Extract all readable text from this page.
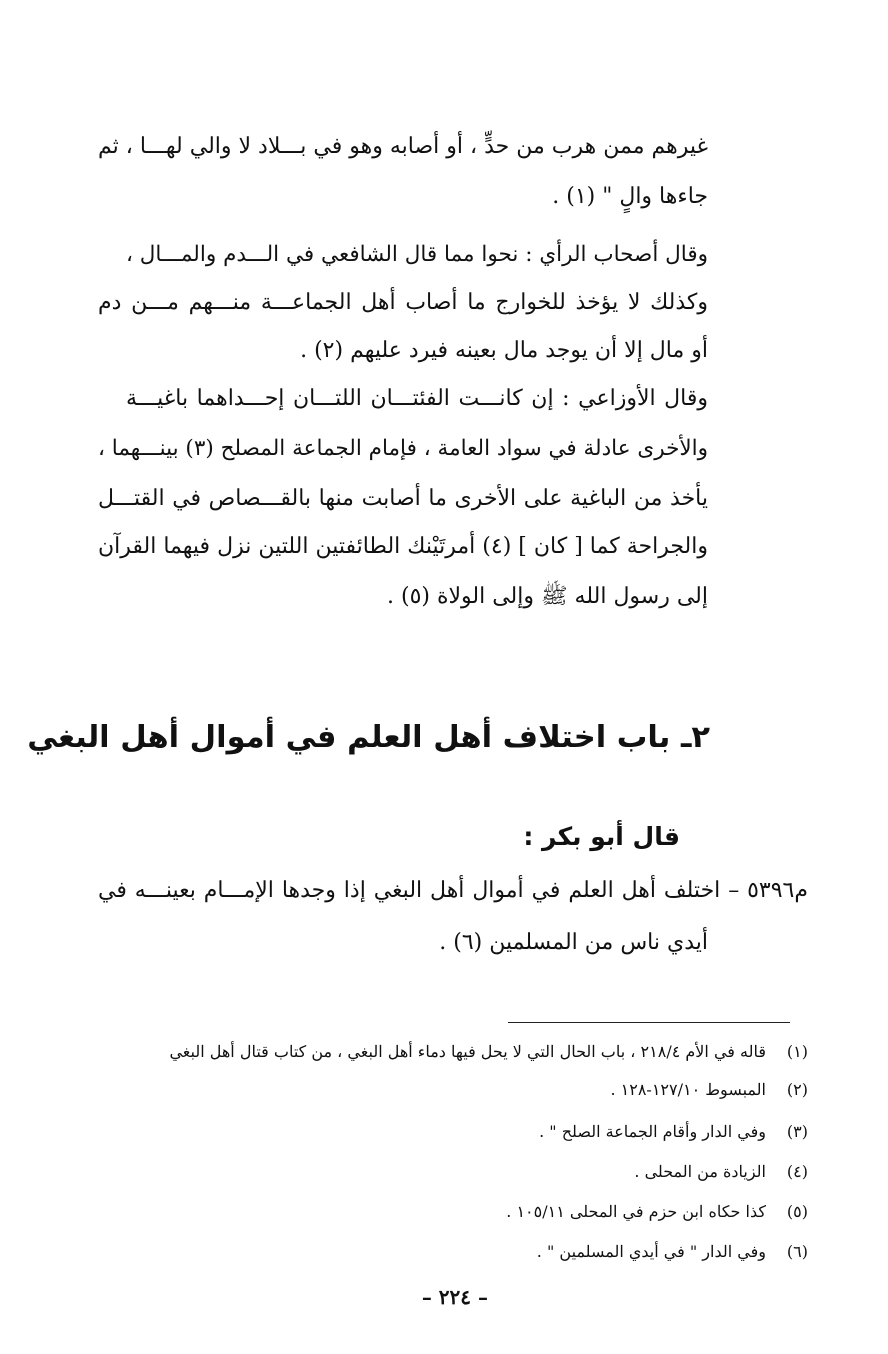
غيرهم ممن هرب من حدٍّ ، أو أصابه وهو في بـــلاد لا والي لهـــا ، ثم
جاءها والٍ " (١) .
وقال أصحاب الرأي : نحوا مما قال الشافعي في الـــدم والمـــال ،
وكذلك لا يؤخذ للخوارج ما أصاب أهل الجماعـــة منـــهم مـــن دم
أو مال إلا أن يوجد مال بعينه فيرد عليهم (٢) .
وقال الأوزاعي : إن كانـــت الفئتـــان اللتـــان إحـــداهما باغيـــة
والأخرى عادلة في سواد العامة ، فإمام الجماعة المصلح (٣) بينـــهما ،
يأخذ من الباغية على الأخرى ما أصابت منها بالقـــصاص في القتـــل
والجراحة كما [ كان ] (٤) أمرتَيْنك الطائفتين اللتين نزل فيهما القرآن
إلى رسول الله ﷺ وإلى الولاة (٥) .
٢ـ باب اختلاف أهل العلم في أموال أهل البغي
قال أبو بكر :
م٥٣٩٦ – اختلف أهل العلم في أموال أهل البغي إذا وجدها الإمـــام بعينـــه في
أيدي ناس من المسلمين (٦) .
(١)قاله في الأم ٢١٨/٤ ، باب الحال التي لا يحل فيها دماء أهل البغي ، من كتاب قتال أهل البغي
(٢)المبسوط ١٢٧/١٠-١٢٨ .
(٣)وفي الدار وأقام الجماعة الصلح " .
(٤)الزيادة من المحلى .
(٥)كذا حكاه ابن حزم في المحلى ١٠٥/١١ .
(٦)وفي الدار " في أيدي المسلمين " .
– ٢٢٤ –
